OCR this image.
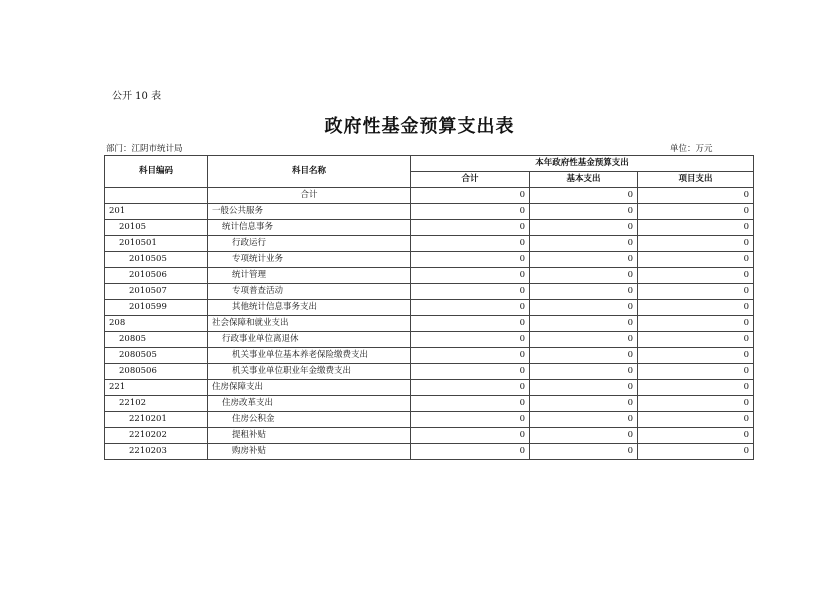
公开 10 表
政府性基金预算支出表
部门：江阴市统计局	单位：万元
科目编码	科目名称	本年政府性基金预算支出		
		合计	基本支出	项目支出
	合计	0	0	0
201	一般公共服务	0	0	0
20105	统计信息事务	0	0	0
2010501	行政运行	0	0	0
2010505	专项统计业务	0	0	0
2010506	统计管理	0	0	0
2010507	专项普查活动	0	0	0
2010599	其他统计信息事务支出	0	0	0
208	社会保障和就业支出	0	0	0
20805	行政事业单位离退休	0	0	0
2080505	机关事业单位基本养老保险缴费支出	0	0	0
2080506	机关事业单位职业年金缴费支出	0	0	0
221	住房保障支出	0	0	0
22102	住房改革支出	0	0	0
2210201	住房公积金	0	0	0
2210202	提租补贴	0	0	0
2210203	购房补贴	0	0	0
